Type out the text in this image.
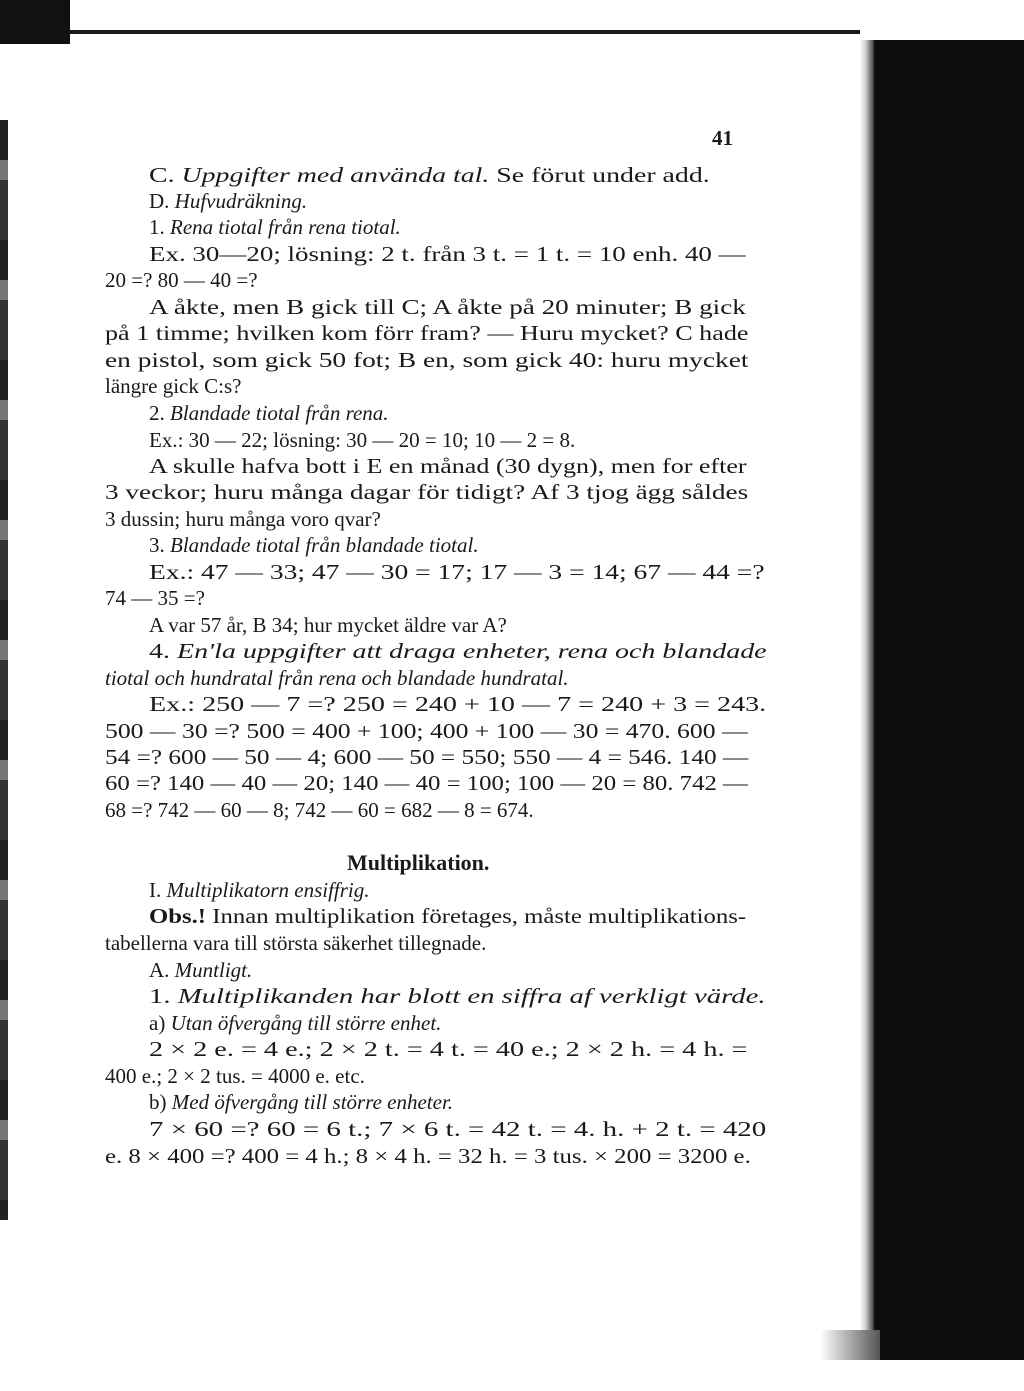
41
C. Uppgifter med använda tal. Se förut under add.
D. Hufvudräkning.
1. Rena tiotal från rena tiotal.
Ex. 30—20; lösning: 2 t. från 3 t. = 1 t. = 10 enh. 40 —
20 =? 80 — 40 =?
A åkte, men B gick till C; A åkte på 20 minuter; B gick
på 1 timme; hvilken kom förr fram? — Huru mycket? C hade
en pistol, som gick 50 fot; B en, som gick 40: huru mycket
längre gick C:s?
2. Blandade tiotal från rena.
Ex.: 30 — 22; lösning: 30 — 20 = 10; 10 — 2 = 8.
A skulle hafva bott i E en månad (30 dygn), men for efter
3 veckor; huru många dagar för tidigt? Af 3 tjog ägg såldes
3 dussin; huru många voro qvar?
3. Blandade tiotal från blandade tiotal.
Ex.: 47 — 33; 47 — 30 = 17; 17 — 3 = 14; 67 — 44 =?
74 — 35 =?
A var 57 år, B 34; hur mycket äldre var A?
4. En'la uppgifter att draga enheter, rena och blandade
tiotal och hundratal från rena och blandade hundratal.
Ex.: 250 — 7 =? 250 = 240 + 10 — 7 = 240 + 3 = 243.
500 — 30 =? 500 = 400 + 100; 400 + 100 — 30 = 470. 600 —
54 =? 600 — 50 — 4; 600 — 50 = 550; 550 — 4 = 546. 140 —
60 =? 140 — 40 — 20; 140 — 40 = 100; 100 — 20 = 80. 742 —
68 =? 742 — 60 — 8; 742 — 60 = 682 — 8 = 674.
Multiplikation.
I. Multiplikatorn ensiffrig.
Obs.! Innan multiplikation företages, måste multiplikations-
tabellerna vara till största säkerhet tillegnade.
A. Muntligt.
1. Multiplikanden har blott en siffra af verkligt värde.
a) Utan öfvergång till större enhet.
2 × 2 e. = 4 e.; 2 × 2 t. = 4 t. = 40 e.; 2 × 2 h. = 4 h. =
400 e.; 2 × 2 tus. = 4000 e. etc.
b) Med öfvergång till större enheter.
7 × 60 =? 60 = 6 t.; 7 × 6 t. = 42 t. = 4. h. + 2 t. = 420
e. 8 × 400 =? 400 = 4 h.; 8 × 4 h. = 32 h. = 3 tus. × 200 = 3200 e.
